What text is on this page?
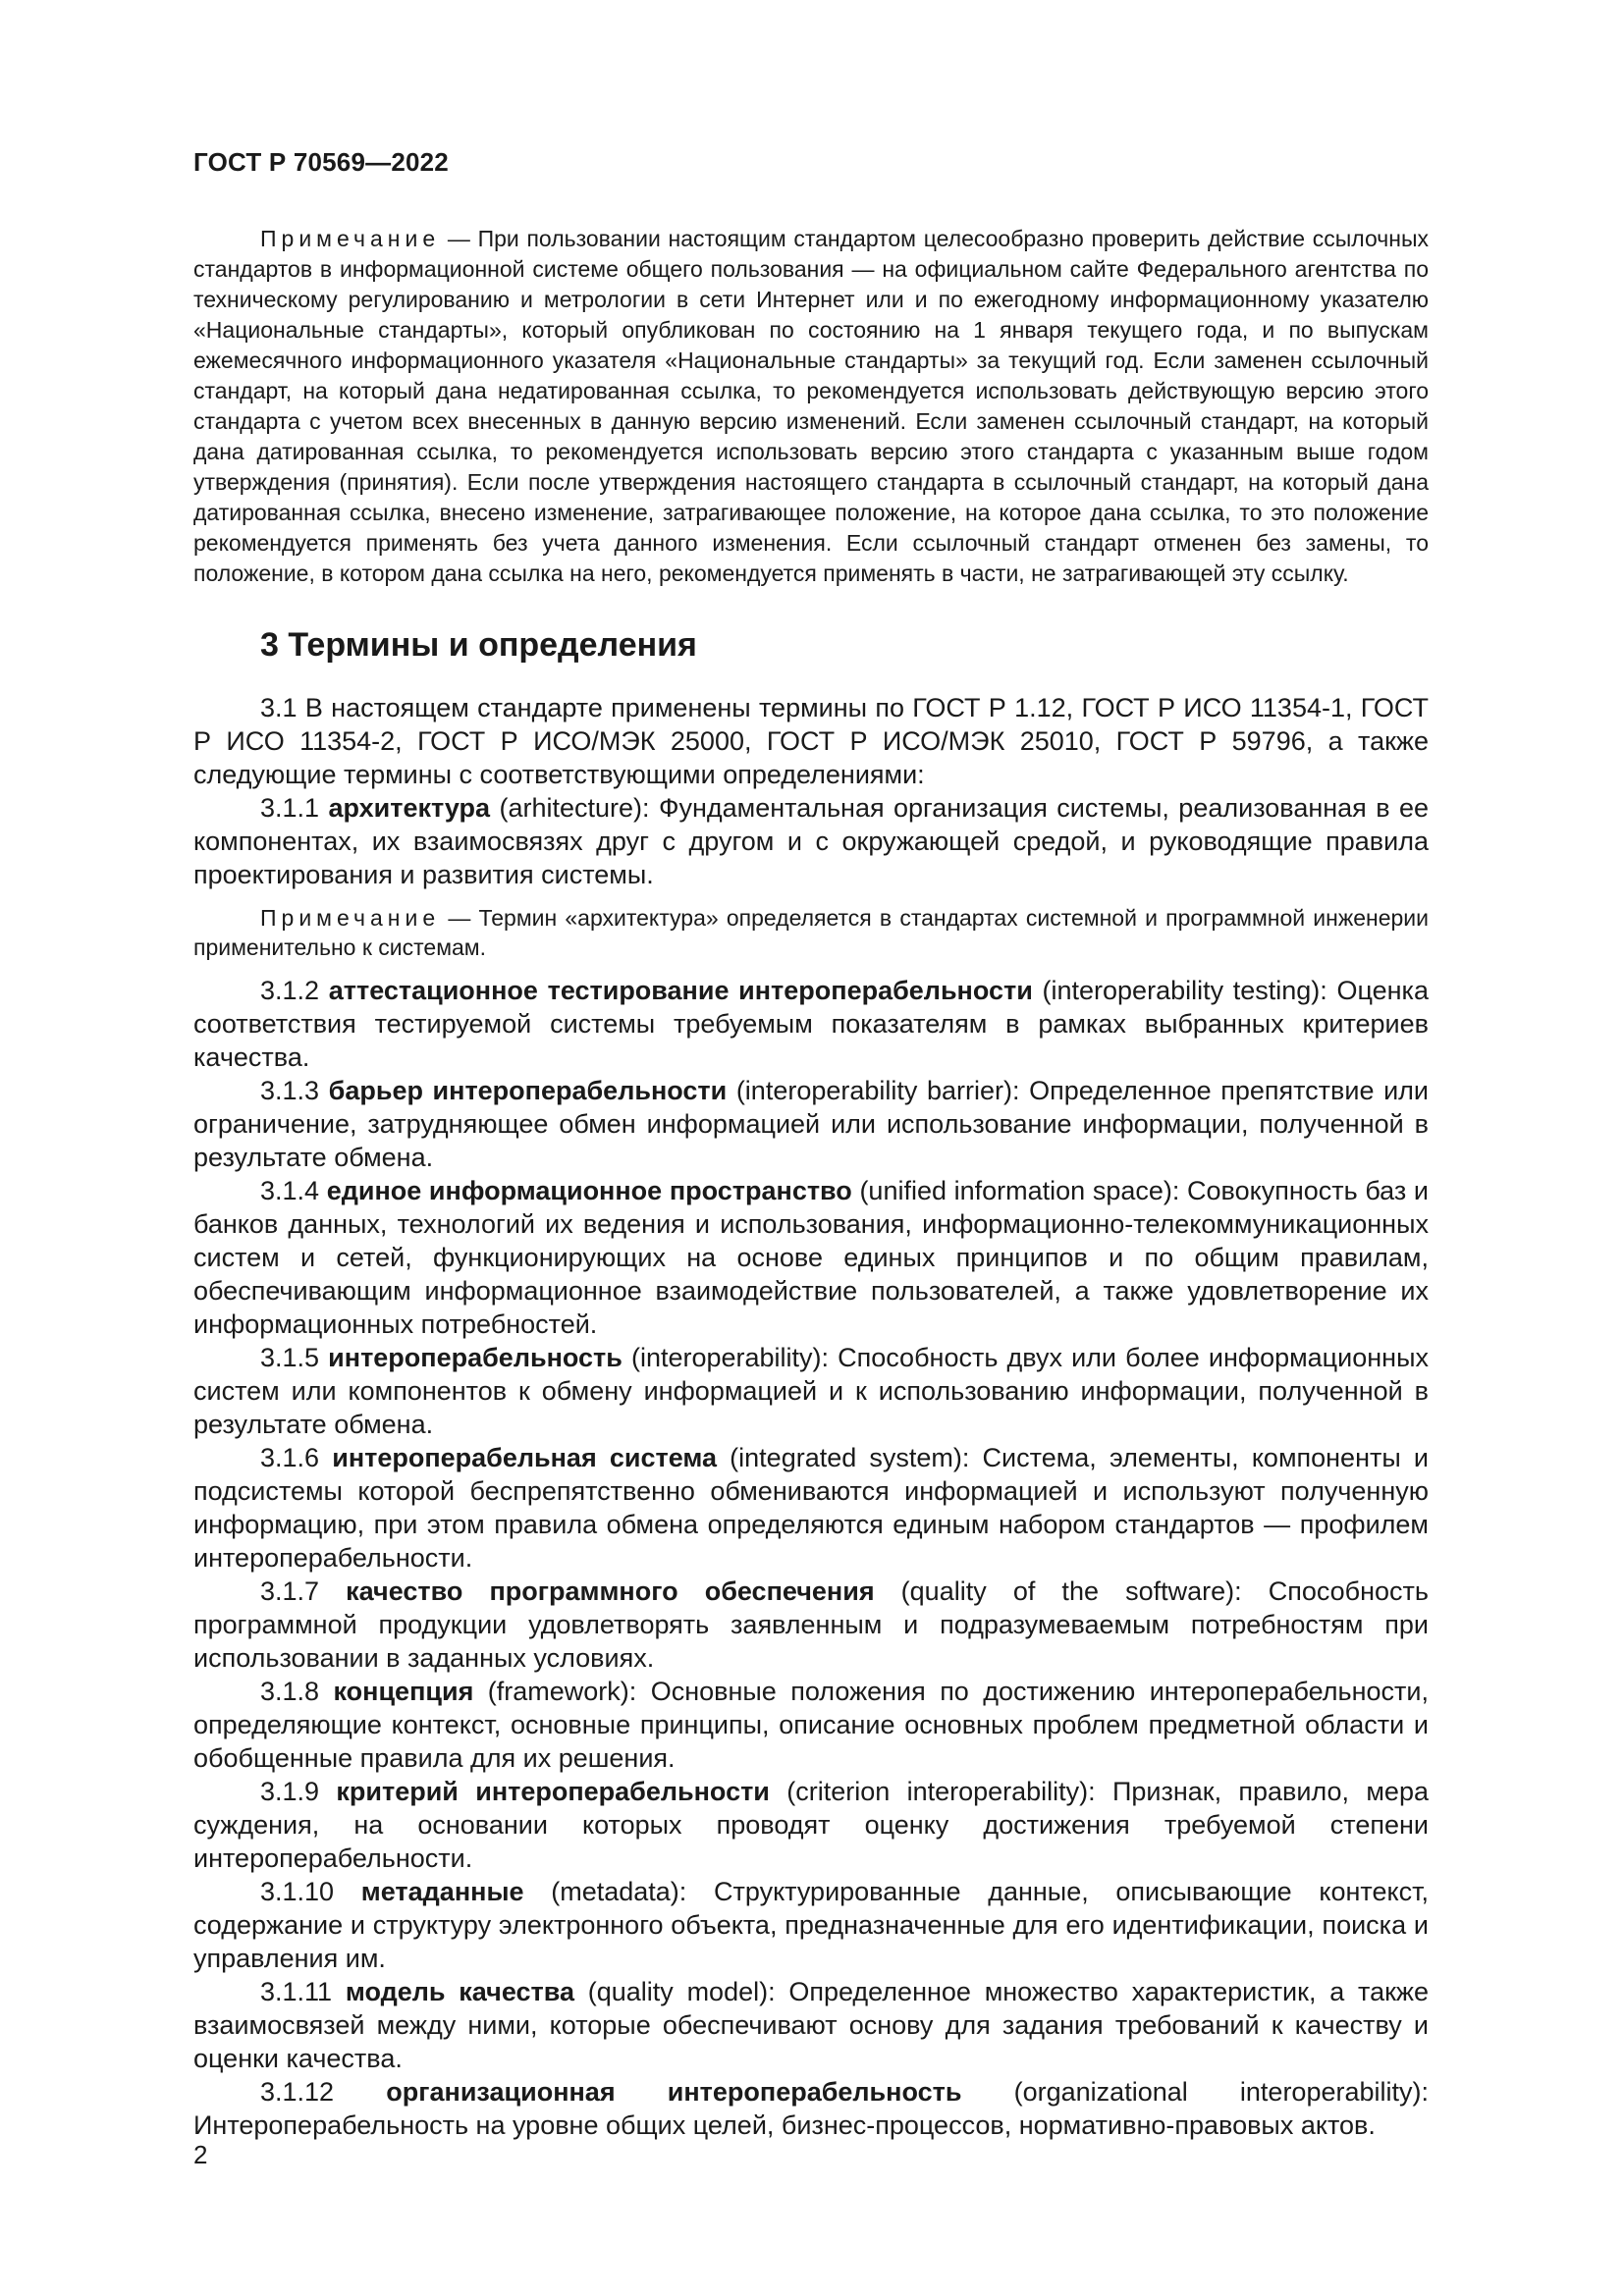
ГОСТ Р 70569—2022

Примечание — При пользовании настоящим стандартом целесообразно проверить действие ссылочных стандартов в информационной системе общего пользования — на официальном сайте Федерального агентства по техническому регулированию и метрологии в сети Интернет или и по ежегодному информационному указателю «Национальные стандарты», который опубликован по состоянию на 1 января текущего года, и по выпускам ежемесячного информационного указателя «Национальные стандарты» за текущий год. Если заменен ссылочный стандарт, на который дана недатированная ссылка, то рекомендуется использовать действующую версию этого стандарта с учетом всех внесенных в данную версию изменений. Если заменен ссылочный стандарт, на который дана датированная ссылка, то рекомендуется использовать версию этого стандарта с указанным выше годом утверждения (принятия). Если после утверждения настоящего стандарта в ссылочный стандарт, на который дана датированная ссылка, внесено изменение, затрагивающее положение, на которое дана ссылка, то это положение рекомендуется применять без учета данного изменения. Если ссылочный стандарт отменен без замены, то положение, в котором дана ссылка на него, рекомендуется применять в части, не затрагивающей эту ссылку.

3 Термины и определения

3.1 В настоящем стандарте применены термины по ГОСТ Р 1.12, ГОСТ Р ИСО 11354-1, ГОСТ Р ИСО 11354-2, ГОСТ Р ИСО/МЭК 25000, ГОСТ Р ИСО/МЭК 25010, ГОСТ Р 59796, а также следующие термины с соответствующими определениями:

3.1.1 архитектура (arhitecture): Фундаментальная организация системы, реализованная в ее компонентах, их взаимосвязях друг с другом и с окружающей средой, и руководящие правила проектирования и развития системы.

Примечание — Термин «архитектура» определяется в стандартах системной и программной инженерии применительно к системам.

3.1.2 аттестационное тестирование интероперабельности (interoperability testing): Оценка соответствия тестируемой системы требуемым показателям в рамках выбранных критериев качества.

3.1.3 барьер интероперабельности (interoperability barrier): Определенное препятствие или ограничение, затрудняющее обмен информацией или использование информации, полученной в результате обмена.

3.1.4 единое информационное пространство (unified information space): Совокупность баз и банков данных, технологий их ведения и использования, информационно-телекоммуникационных систем и сетей, функционирующих на основе единых принципов и по общим правилам, обеспечивающим информационное взаимодействие пользователей, а также удовлетворение их информационных потребностей.

3.1.5 интероперабельность (interoperability): Способность двух или более информационных систем или компонентов к обмену информацией и к использованию информации, полученной в результате обмена.

3.1.6 интероперабельная система (integrated system): Система, элементы, компоненты и подсистемы которой беспрепятственно обмениваются информацией и используют полученную информацию, при этом правила обмена определяются единым набором стандартов — профилем интероперабельности.

3.1.7 качество программного обеспечения (quality of the software): Способность программной продукции удовлетворять заявленным и подразумеваемым потребностям при использовании в заданных условиях.

3.1.8 концепция (framework): Основные положения по достижению интероперабельности, определяющие контекст, основные принципы, описание основных проблем предметной области и обобщенные правила для их решения.

3.1.9 критерий интероперабельности (criterion interoperability): Признак, правило, мера суждения, на основании которых проводят оценку достижения требуемой степени интероперабельности.

3.1.10 метаданные (metadata): Структурированные данные, описывающие контекст, содержание и структуру электронного объекта, предназначенные для его идентификации, поиска и управления им.

3.1.11 модель качества (quality model): Определенное множество характеристик, а также взаимосвязей между ними, которые обеспечивают основу для задания требований к качеству и оценки качества.

3.1.12 организационная интероперабельность (organizational interoperability): Интероперабельность на уровне общих целей, бизнес-процессов, нормативно-правовых актов.

2
